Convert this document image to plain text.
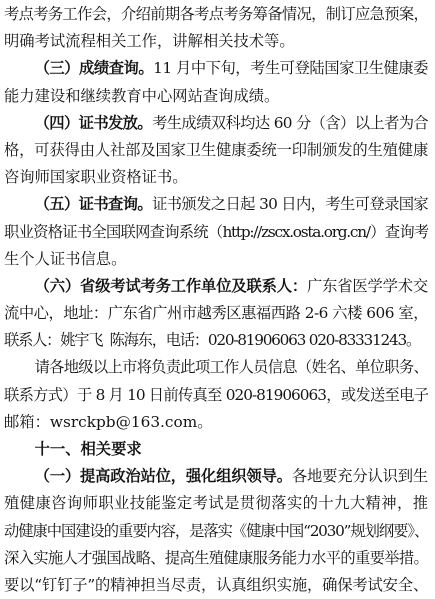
考点考务工作会，介绍前期各考点考务筹备情况，制订应急预案，
明确考试流程相关工作，讲解相关技术等。
（三）成绩查询。11 月中下旬，考生可登陆国家卫生健康委
能力建设和继续教育中心网站查询成绩。
（四）证书发放。考生成绩双科均达 60 分（含）以上者为合
格，可获得由人社部及国家卫生健康委统一印制颁发的生殖健康
咨询师国家职业资格证书。
（五）证书查询。证书颁发之日起 30 日内，考生可登录国家
职业资格证书全国联网查询系统（http://zscx.osta.org.cn/）查询考
生个人证书信息。
（六）省级考试考务工作单位及联系人：广东省医学学术交
流中心，地址：广东省广州市越秀区惠福西路 2-6 六楼 606 室，
联系人：姚宇飞  陈海东，电话：020-81906063 020-83331243。
请各地级以上市将负责此项工作人员信息（姓名、单位职务、
联系方式）于 8 月 10 日前传真至 020-81906063，或发送至电子
邮箱：wsrckpb@163.com。
十一、相关要求
（一）提高政治站位，强化组织领导。各地要充分认识到生
殖健康咨询师职业技能鉴定考试是贯彻落实的十九大精神，推
动健康中国建设的重要内容，是落实《健康中国“2030”规划纲要》、
深入实施人才强国战略、提高生殖健康服务能力水平的重要举措。
要以“钉钉子”的精神担当尽责，认真组织实施，确保考试安全、
